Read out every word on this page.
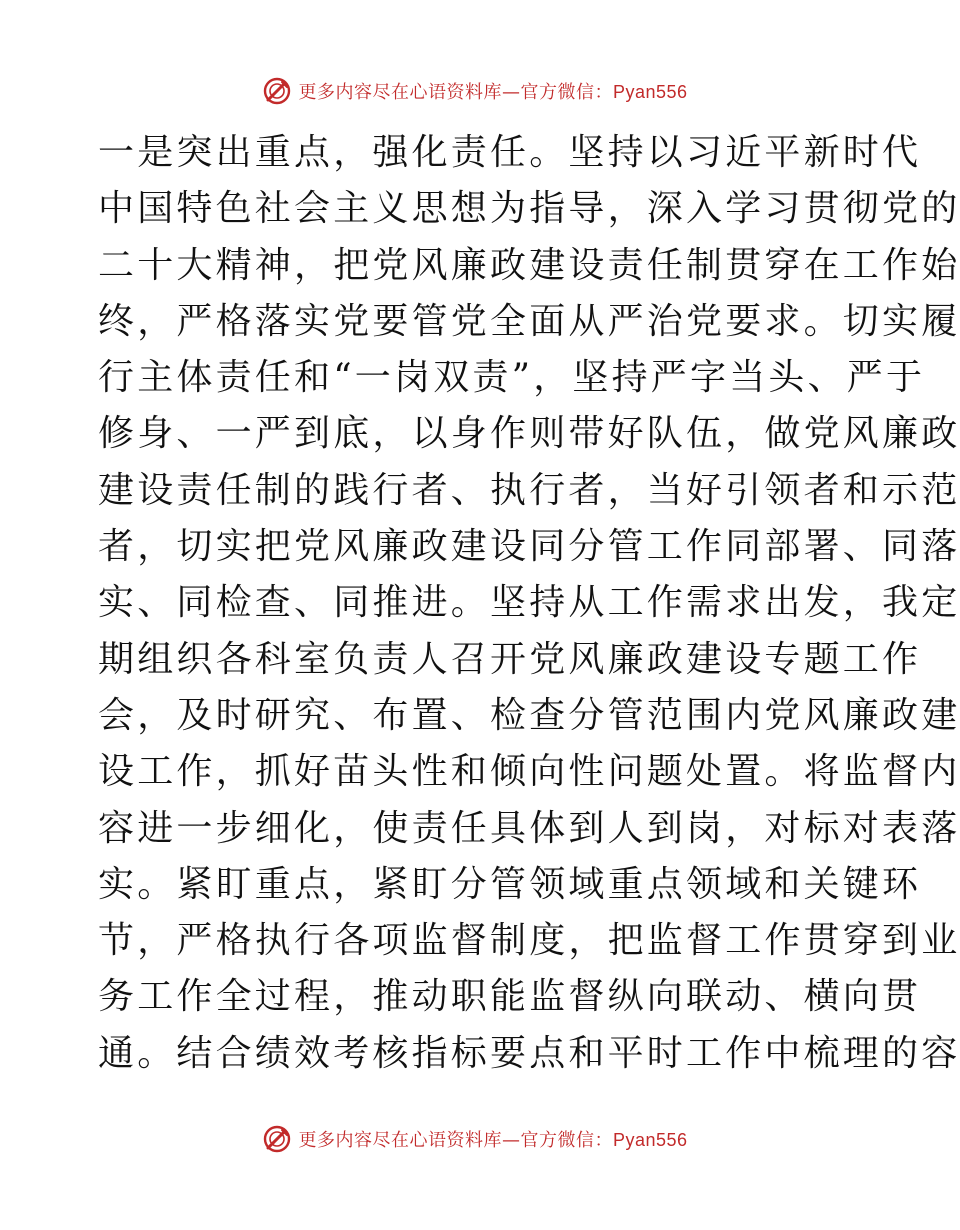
更多内容尽在心语资料库—官方微信：Pyan556
一是突出重点，强化责任。坚持以习近平新时代
中国特色社会主义思想为指导，深入学习贯彻党的
二十大精神，把党风廉政建设责任制贯穿在工作始
终，严格落实党要管党全面从严治党要求。切实履
行主体责任和“一岗双责”，坚持严字当头、严于
修身、一严到底，以身作则带好队伍，做党风廉政
建设责任制的践行者、执行者，当好引领者和示范
者，切实把党风廉政建设同分管工作同部署、同落
实、同检查、同推进。坚持从工作需求出发，我定
期组织各科室负责人召开党风廉政建设专题工作
会，及时研究、布置、检查分管范围内党风廉政建
设工作，抓好苗头性和倾向性问题处置。将监督内
容进一步细化，使责任具体到人到岗，对标对表落
实。紧盯重点，紧盯分管领域重点领域和关键环
节，严格执行各项监督制度，把监督工作贯穿到业
务工作全过程，推动职能监督纵向联动、横向贯
通。结合绩效考核指标要点和平时工作中梳理的容
更多内容尽在心语资料库—官方微信：Pyan556
